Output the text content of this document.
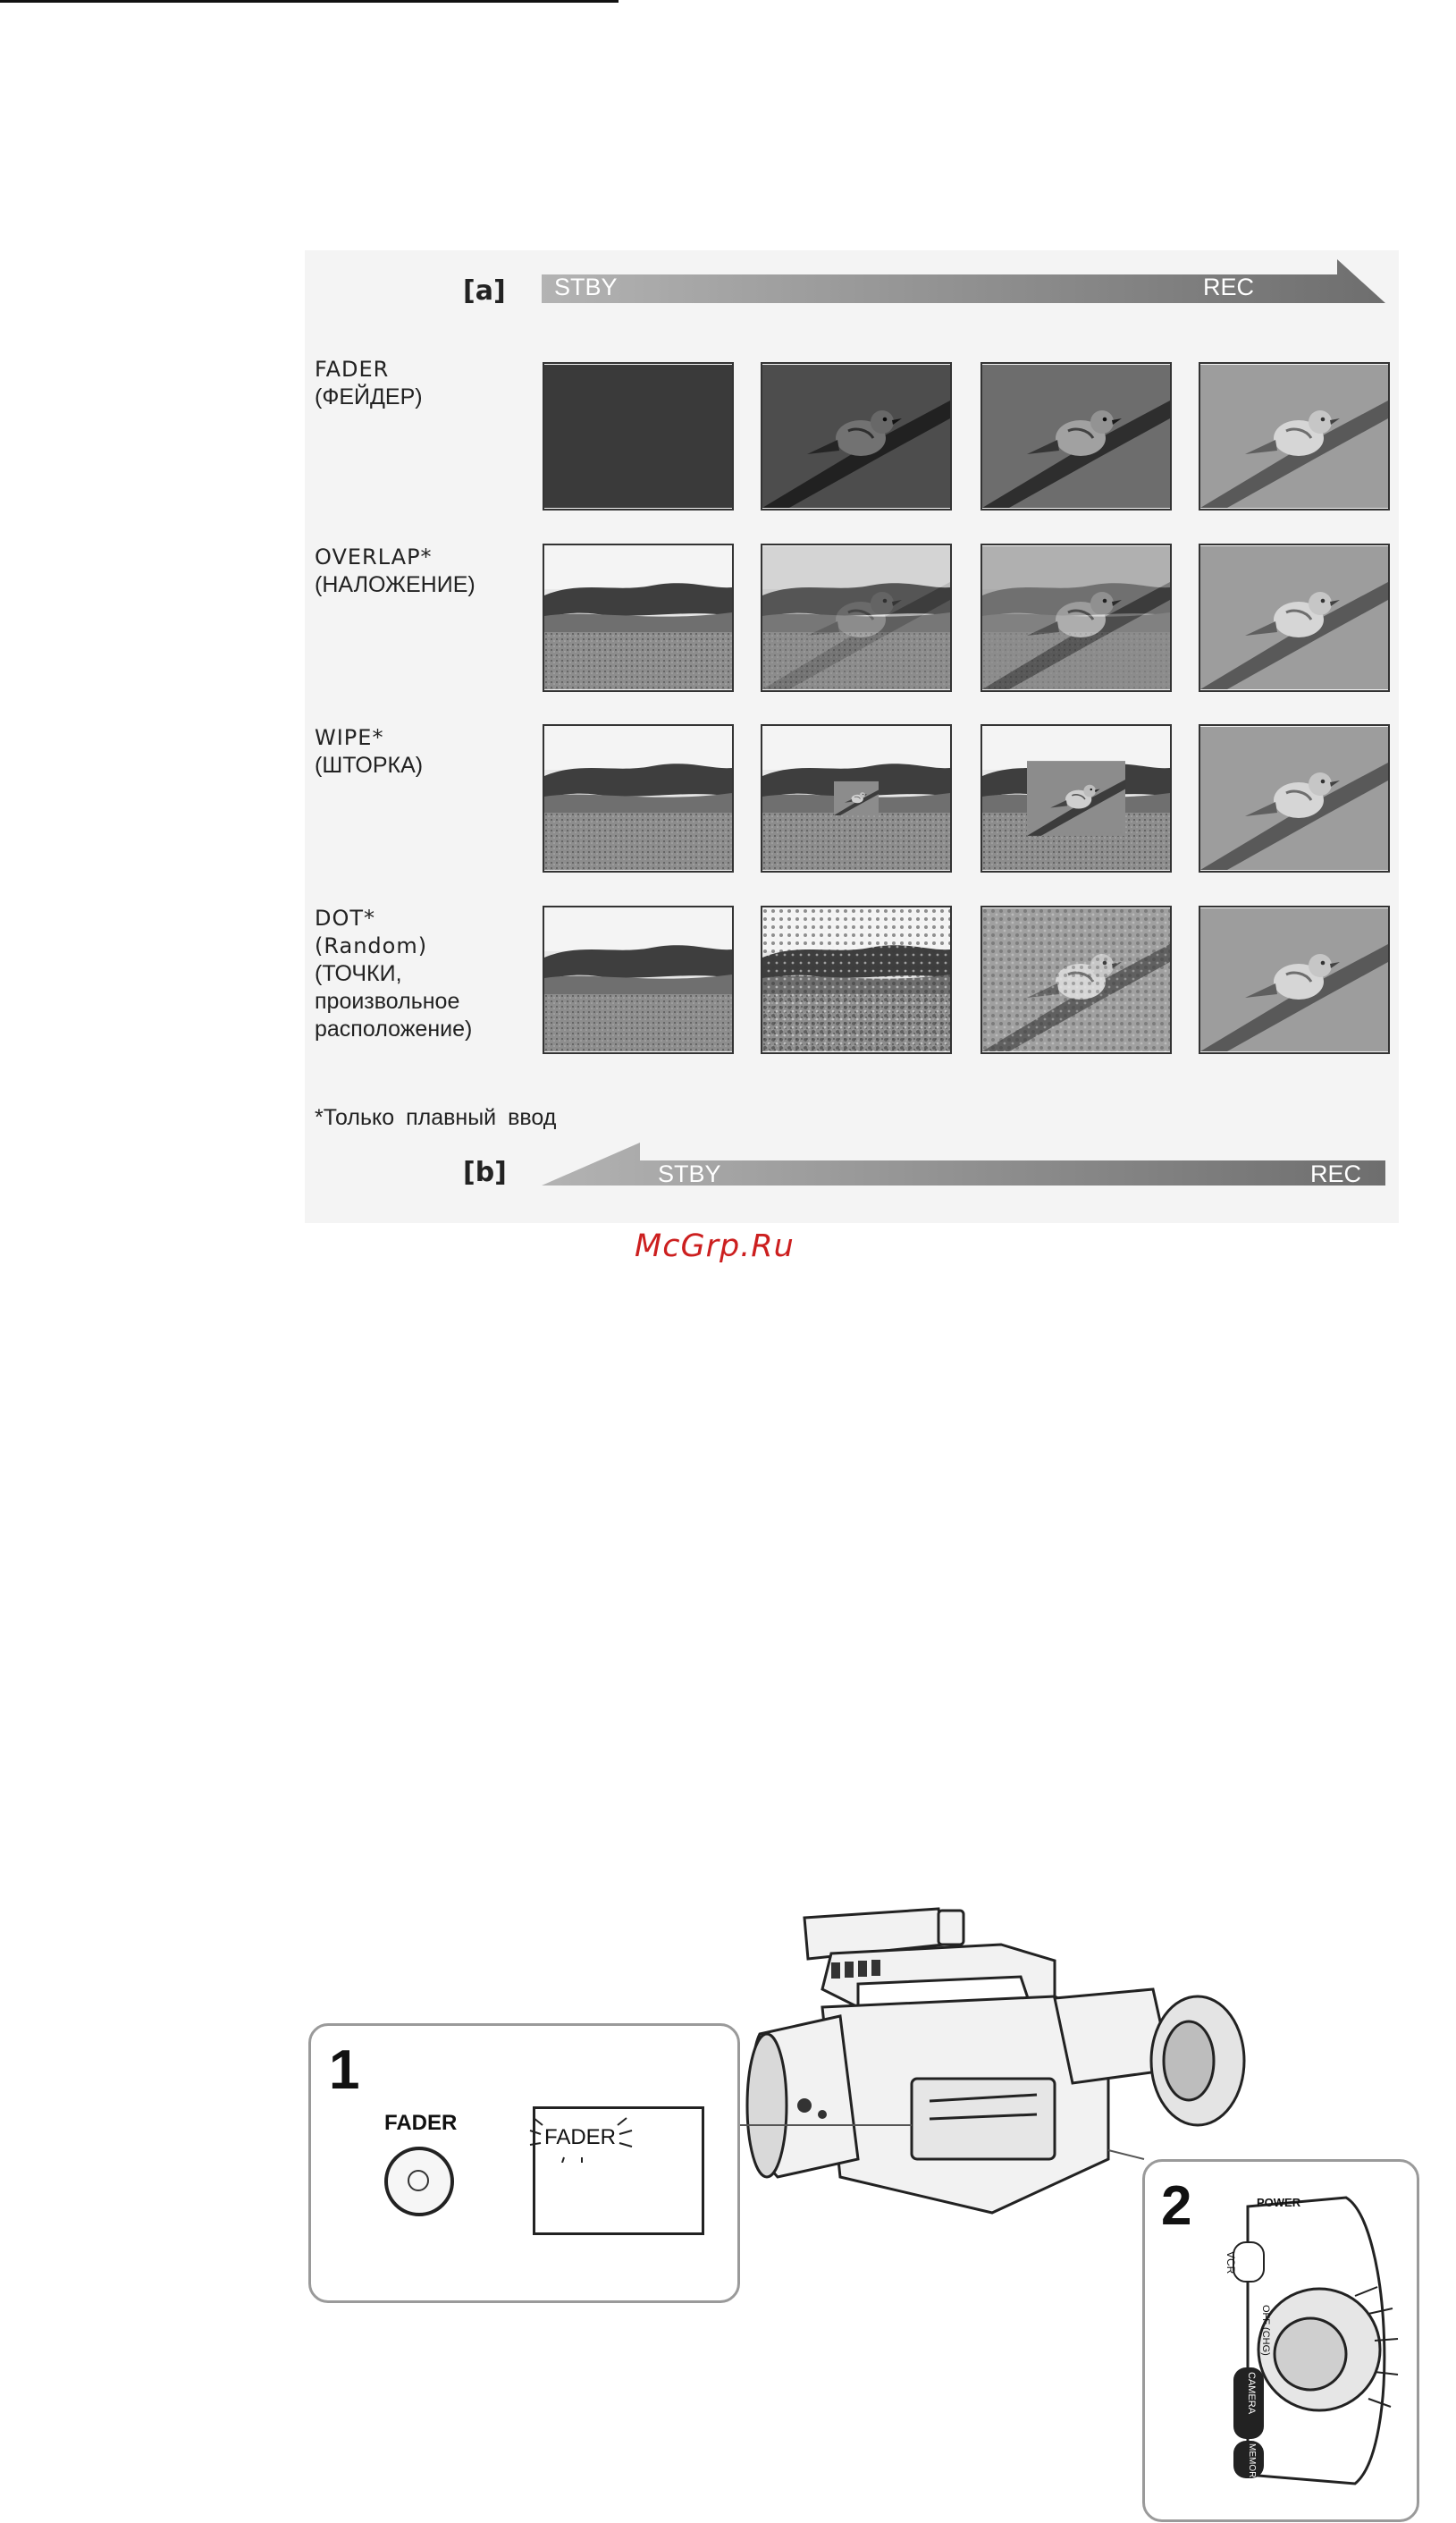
[a] STBY	REC
FADER
(ФЕЙДЕР)
OVERLAP*
(НАЛОЖЕНИЕ)
WIPE*
(ШТОРКА)
DOT*
(Random)
(ТОЧКИ,
произвольное
расположение)
*Только плавный ввод
[b]	STBY	REC
McGrp.Ru
1
FADER
FADER
2	POWER
VCR
OFF (CHG)
CAMERA
MEMORY
